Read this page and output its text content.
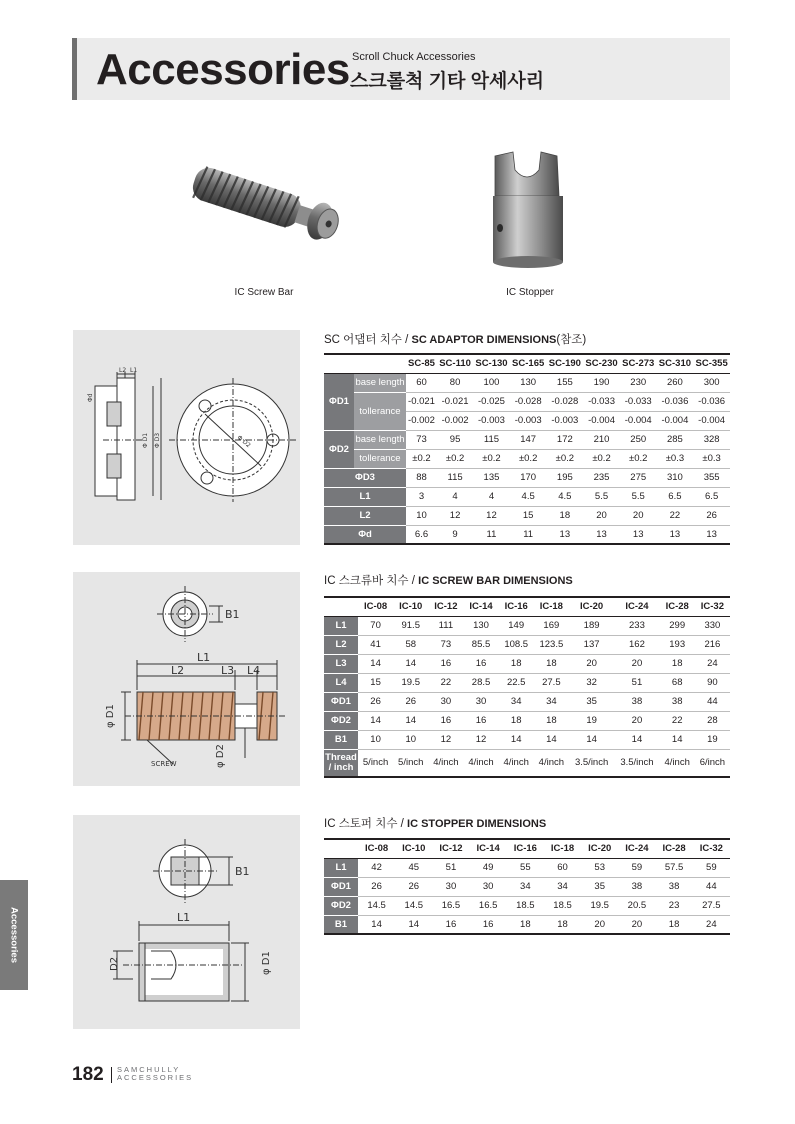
Accessories Scroll Chuck Accessories
스크롤척 기타 악세사리
IC Screw Bar	IC Stopper
L2 L1
Φd
Φ D1 Φ D3	Φ D2
SC 어댑터 치수 / SC ADAPTOR DIMENSIONS(참조)
		SC-85	SC-110	SC-130	SC-165	SC-190	SC-230	SC-273	SC-310	SC-355
ΦD1	base length	60	80	100	130	155	190	230	260	300
	tollerance	-0.021	-0.021	-0.025	-0.028	-0.028	-0.033	-0.033	-0.036	-0.036
		-0.002	-0.002	-0.003	-0.003	-0.003	-0.004	-0.004	-0.004	-0.004
ΦD2	base length	73	95	115	147	172	210	250	285	328
	tollerance	±0.2	±0.2	±0.2	±0.2	±0.2	±0.2	±0.2	±0.3	±0.3
ΦD3		88	115	135	170	195	235	275	310	355
L1		3	4	4	4.5	4.5	5.5	5.5	6.5	6.5
L2		10	12	12	15	18	20	20	22	26
Φd		6.6	9	11	11	13	13	13	13	13
B1
L1
L2	L3 L4
φ D1
φ D2
SCREW
IC 스크류바 치수 / IC SCREW BAR DIMENSIONS
	IC-08	IC-10	IC-12	IC-14	IC-16	IC-18	IC-20	IC-24	IC-28	IC-32
L1	70	91.5	111	130	149	169	189	233	299	330
L2	41	58	73	85.5	108.5	123.5	137	162	193	216
L3	14	14	16	16	18	18	20	20	18	24
L4	15	19.5	22	28.5	22.5	27.5	32	51	68	90
ΦD1	26	26	30	30	34	34	35	38	38	44
ΦD2	14	14	16	16	18	18	19	20	22	28
B1	10	10	12	12	14	14	14	14	14	19
Thread
/ inch	5/inch	5/inch	4/inch	4/inch	4/inch	4/inch	3.5/inch	3.5/inch	4/inch	6/inch
B1
L1
D2	φ D1
IC 스토퍼 치수 / IC STOPPER DIMENSIONS
	IC-08	IC-10	IC-12	IC-14	IC-16	IC-18	IC-20	IC-24	IC-28	IC-32
L1	42	45	51	49	55	60	53	59	57.5	59
ΦD1	26	26	30	30	34	34	35	38	38	44
ΦD2	14.5	14.5	16.5	16.5	18.5	18.5	19.5	20.5	23	27.5
B1	14	14	16	16	18	18	20	20	18	24
Accessories
182 SAMCHULLY
ACCESSORIES
